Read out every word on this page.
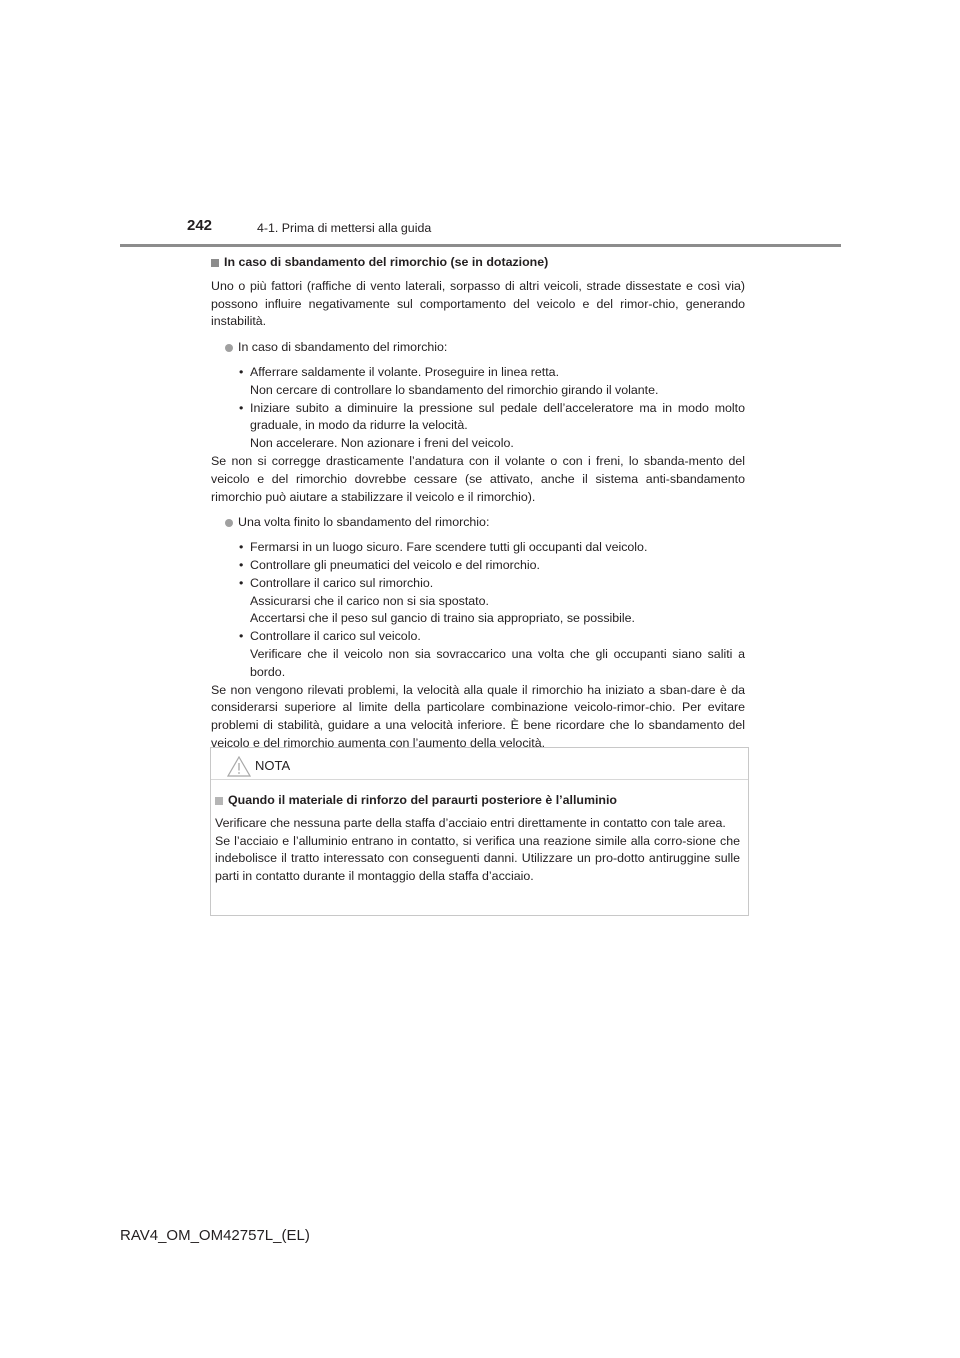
242	4-1. Prima di mettersi alla guida
In caso di sbandamento del rimorchio (se in dotazione)

Uno o più fattori (raffiche di vento laterali, sorpasso di altri veicoli, strade dissestate e così via) possono influire negativamente sul comportamento del veicolo e del rimor-chio, generando instabilità.

In caso di sbandamento del rimorchio:
• Afferrare saldamente il volante. Proseguire in linea retta.
Non cercare di controllare lo sbandamento del rimorchio girando il volante.
• Iniziare subito a diminuire la pressione sul pedale dell’acceleratore ma in modo molto graduale, in modo da ridurre la velocità.
Non accelerare. Non azionare i freni del veicolo.

Se non si corregge drasticamente l’andatura con il volante o con i freni, lo sbanda-mento del veicolo e del rimorchio dovrebbe cessare (se attivato, anche il sistema anti-sbandamento rimorchio può aiutare a stabilizzare il veicolo e il rimorchio).

Una volta finito lo sbandamento del rimorchio:
• Fermarsi in un luogo sicuro. Fare scendere tutti gli occupanti dal veicolo.
• Controllare gli pneumatici del veicolo e del rimorchio.
• Controllare il carico sul rimorchio.
Assicurarsi che il carico non si sia spostato.
Accertarsi che il peso sul gancio di traino sia appropriato, se possibile.
• Controllare il carico sul veicolo.
Verificare che il veicolo non sia sovraccarico una volta che gli occupanti siano saliti a bordo.

Se non vengono rilevati problemi, la velocità alla quale il rimorchio ha iniziato a sban-dare è da considerarsi superiore al limite della particolare combinazione veicolo-rimor-chio. Per evitare problemi di stabilità, guidare a una velocità inferiore. È bene ricordare che lo sbandamento del veicolo e del rimorchio aumenta con l’aumento della velocità.

NOTA
Quando il materiale di rinforzo del paraurti posteriore è l’alluminio

Verificare che nessuna parte della staffa d’acciaio entri direttamente in contatto con tale area.

Se l’acciaio e l’alluminio entrano in contatto, si verifica una reazione simile alla corro-sione che indebolisce il tratto interessato con conseguenti danni. Utilizzare un pro-dotto antiruggine sulle parti in contatto durante il montaggio della staffa d’acciaio.

RAV4_OM_OM42757L_(EL)
